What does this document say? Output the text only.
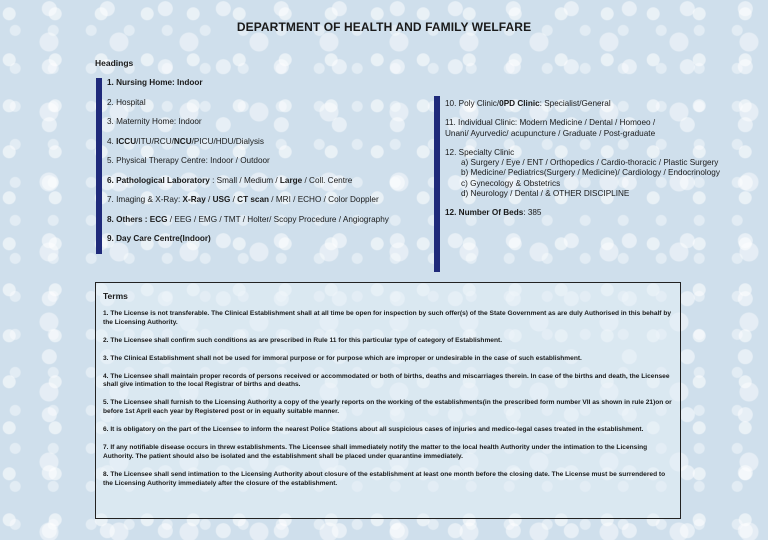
DEPARTMENT OF HEALTH AND FAMILY WELFARE
Headings

1. Nursing Home: Indoor

2. Hospital

3. Maternity Home: Indoor

4. ICCU/ITU/RCU/NCU/PICU/HDU/Dialysis

5. Physical Therapy Centre: Indoor / Outdoor

6. Pathological Laboratory : Small / Medium / Large / Coll. Centre

7. Imaging & X-Ray: X-Ray / USG / CT scan / MRI / ECHO / Color Doppler

8. Others : ECG / EEG / EMG / TMT / Holter/ Scopy Procedure / Angiography

9. Day Care Centre(Indoor)

10. Poly Clinic/0PD Clinic: Specialist/General

11. Individual Clinic: Modern Medicine / Dental / Homoeo /
Unani/ Ayurvedic/ acupuncture / Graduate / Post-graduate

12. Specialty Clinic
a) Surgery / Eye / ENT / Orthopedics / Cardio-thoracic / Plastic Surgery
b) Medicine/ Pediatrics(Surgery / Medicine)/ Cardiology / Endocrinology
c) Gynecology & Obstetrics
d) Neurology / Dental / & OTHER DISCIPLINE

12. Number Of Beds: 385

Terms
1. The License is not transferable. The Clinical Establishment shall at all time be open for inspection by such offer(s) of the State Government as are duly Authorised in this behalf by the Licensing Authority.
2. The Licensee shall confirm such conditions as are prescribed in Rule 11 for this particular type of category of Establishment.
3. The Clinical Establishment shall not be used for immoral purpose or for purpose which are improper or undesirable in the case of such establishment.
4. The Licensee shall maintain proper records of persons received or accommodated or both of births, deaths and miscarriages therein. In case of the births and death, the Licensee shall give intimation to the local Registrar of births and deaths.
5. The Licensee shall furnish to the Licensing Authority a copy of the yearly reports on the working of the establishments(in the prescribed form number VII as shown in rule 21)on or before 1st April each year by Registered post or in equally suitable manner.
6. It is obligatory on the part of the Licensee to inform the nearest Police Stations about all suspicious cases of injuries and medico-legal cases treated in the establishment.
7. If any notifiable disease occurs in threw establishments. The Licensee shall immediately notify the matter to the local health Authority under the intimation to the Licensing Authority. The patient should also be isolated and the establishment shall be placed under quarantine immediately.
8. The Licensee shall send intimation to the Licensing Authority about closure of the establishment at least one month before the closing date. The License must be surrendered to the Licensing Authority immediately after the closure of the establishment.
